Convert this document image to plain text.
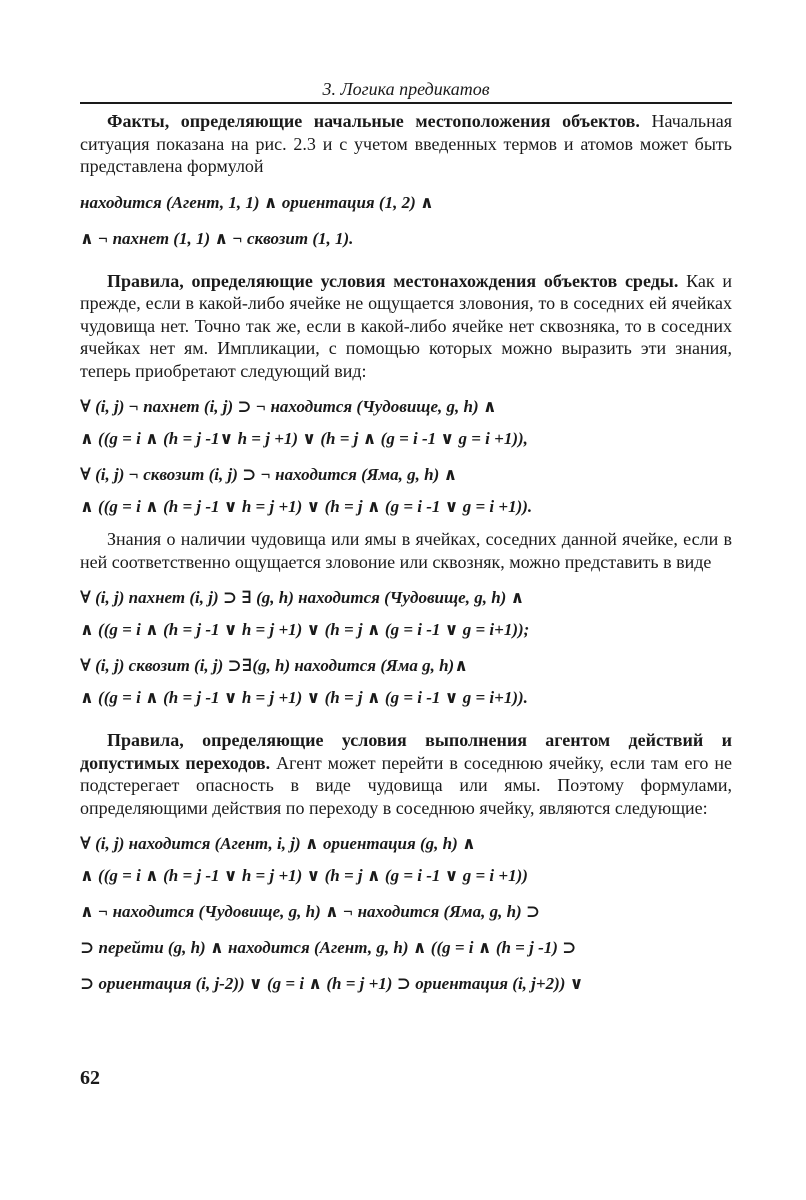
3. Логика предикатов

Факты, определяющие начальные местоположения объектов. Начальная ситуация показана на рис. 2.3 и с учетом введенных термов и атомов может быть представлена формулой

находится (Агент, 1, 1) ∧ ориентация (1, 2) ∧
∧ ¬ пахнет (1, 1) ∧ ¬ сквозит (1, 1).

Правила, определяющие условия местонахождения объектов среды. Как и прежде, если в какой-либо ячейке не ощущается зловония, то в соседних ей ячейках чудовища нет. Точно так же, если в какой-либо ячейке нет сквозняка, то в соседних ячейках нет ям. Импликации, с помощью которых можно выразить эти знания, теперь приобретают следующий вид:

∀ (i, j) ¬ пахнет (i, j) ⊃ ¬ находится (Чудовище, g, h) ∧
∧ ((g = i ∧ (h = j -1∨ h = j +1) ∨ (h = j ∧ (g = i -1 ∨ g = i +1)),
∀ (i, j) ¬ сквозит (i, j) ⊃ ¬ находится (Яма, g, h) ∧
∧ ((g = i ∧ (h = j -1 ∨ h = j +1) ∨ (h = j ∧ (g = i -1 ∨ g = i +1)).

Знания о наличии чудовища или ямы в ячейках, соседних данной ячейке, если в ней соответственно ощущается зловоние или сквозняк, можно представить в виде

∀ (i, j) пахнет (i, j) ⊃ ∃ (g, h) находится (Чудовище, g, h) ∧
∧ ((g = i ∧ (h = j -1 ∨ h = j +1) ∨ (h = j ∧ (g = i -1 ∨ g = i+1));
∀ (i, j) сквозит (i, j) ⊃∃(g, h) находится (Яма g, h)∧
∧ ((g = i ∧ (h = j -1 ∨ h = j +1) ∨ (h = j ∧ (g = i -1 ∨ g = i+1)).

Правила, определяющие условия выполнения агентом действий и допустимых переходов. Агент может перейти в соседнюю ячейку, если там его не подстерегает опасность в виде чудовища или ямы. Поэтому формулами, определяющими действия по переходу в соседнюю ячейку, являются следующие:

∀ (i, j) находится (Агент, i, j) ∧ ориентация (g, h) ∧
∧ ((g = i ∧ (h = j -1 ∨ h = j +1) ∨ (h = j ∧ (g = i -1 ∨ g = i +1))
∧ ¬ находится (Чудовище, g, h) ∧ ¬ находится (Яма, g, h) ⊃
⊃ перейти (g, h) ∧ находится (Агент, g, h) ∧ ((g = i ∧ (h = j -1) ⊃
⊃ ориентация (i, j-2)) ∨ (g = i ∧ (h = j +1) ⊃ ориентация (i, j+2)) ∨
62
